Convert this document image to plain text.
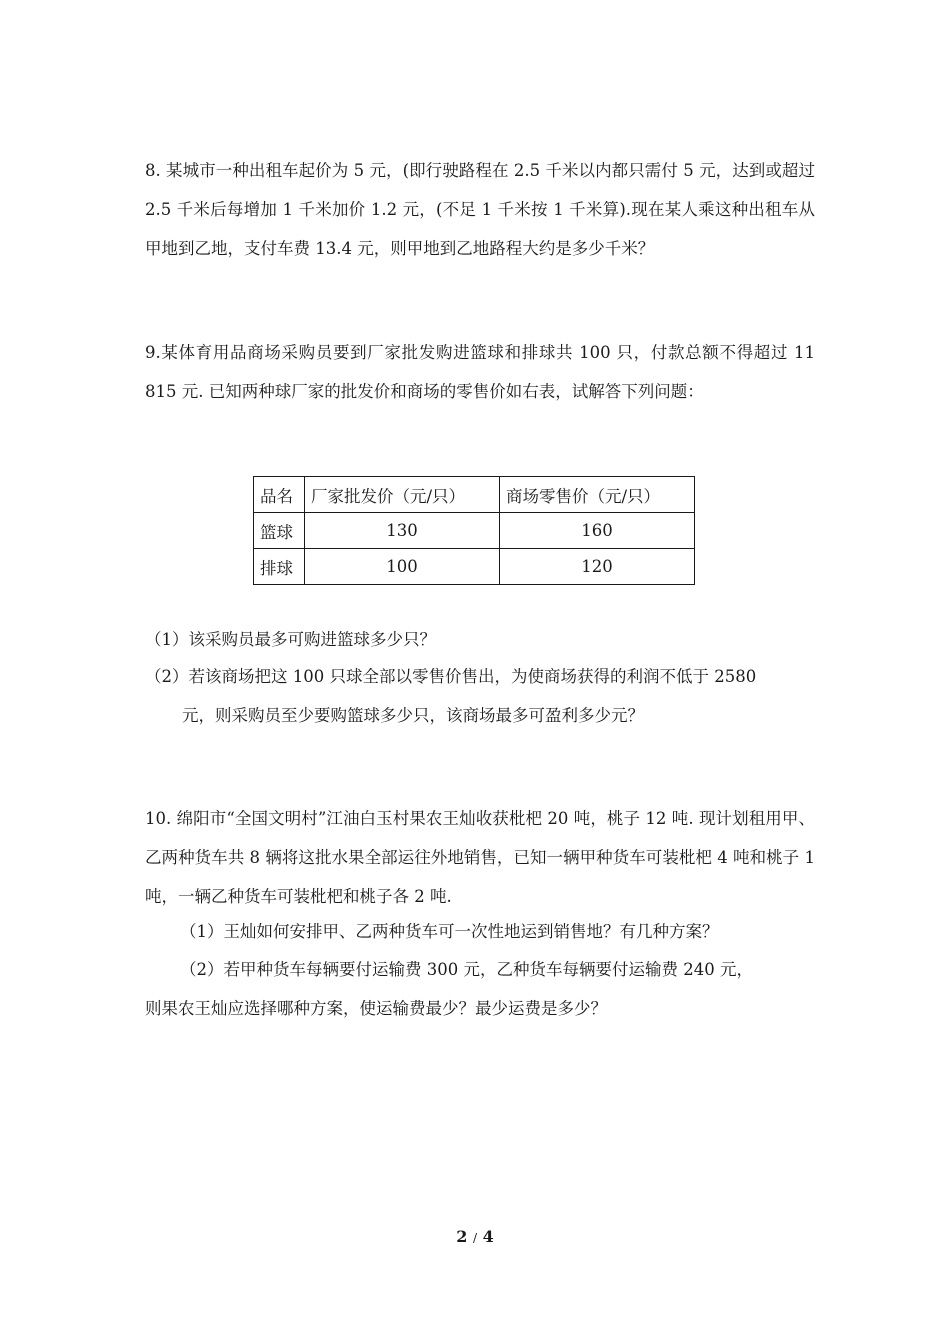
8. 某城市一种出租车起价为 5 元，(即行驶路程在 2.5 千米以内都只需付 5 元，达到或超过 2.5 千米后每增加 1 千米加价 1.2 元，(不足 1 千米按 1 千米算).现在某人乘这种出租车从甲地到乙地，支付车费 13.4 元，则甲地到乙地路程大约是多少千米？

9.某体育用品商场采购员要到厂家批发购进篮球和排球共 100 只，付款总额不得超过 11 815 元. 已知两种球厂家的批发价和商场的零售价如右表，试解答下列问题：

品名	厂家批发价（元/只）	商场零售价（元/只）
篮球	130	160
排球	100	120
（1）该采购员最多可购进篮球多少只？
（2）若该商场把这 100 只球全部以零售价售出，为使商场获得的利润不低于 2580
元，则采购员至少要购篮球多少只，该商场最多可盈利多少元？

10. 绵阳市“全国文明村”江油白玉村果农王灿收获枇杷 20 吨，桃子 12 吨. 现计划租用甲、乙两种货车共 8 辆将这批水果全部运往外地销售，已知一辆甲种货车可装枇杷 4 吨和桃子 1 吨，一辆乙种货车可装枇杷和桃子各 2 吨.

（1）王灿如何安排甲、乙两种货车可一次性地运到销售地？有几种方案？
（2）若甲种货车每辆要付运输费 300 元，乙种货车每辆要付运输费 240 元，
则果农王灿应选择哪种方案，使运输费最少？最少运费是多少？
2 / 4
